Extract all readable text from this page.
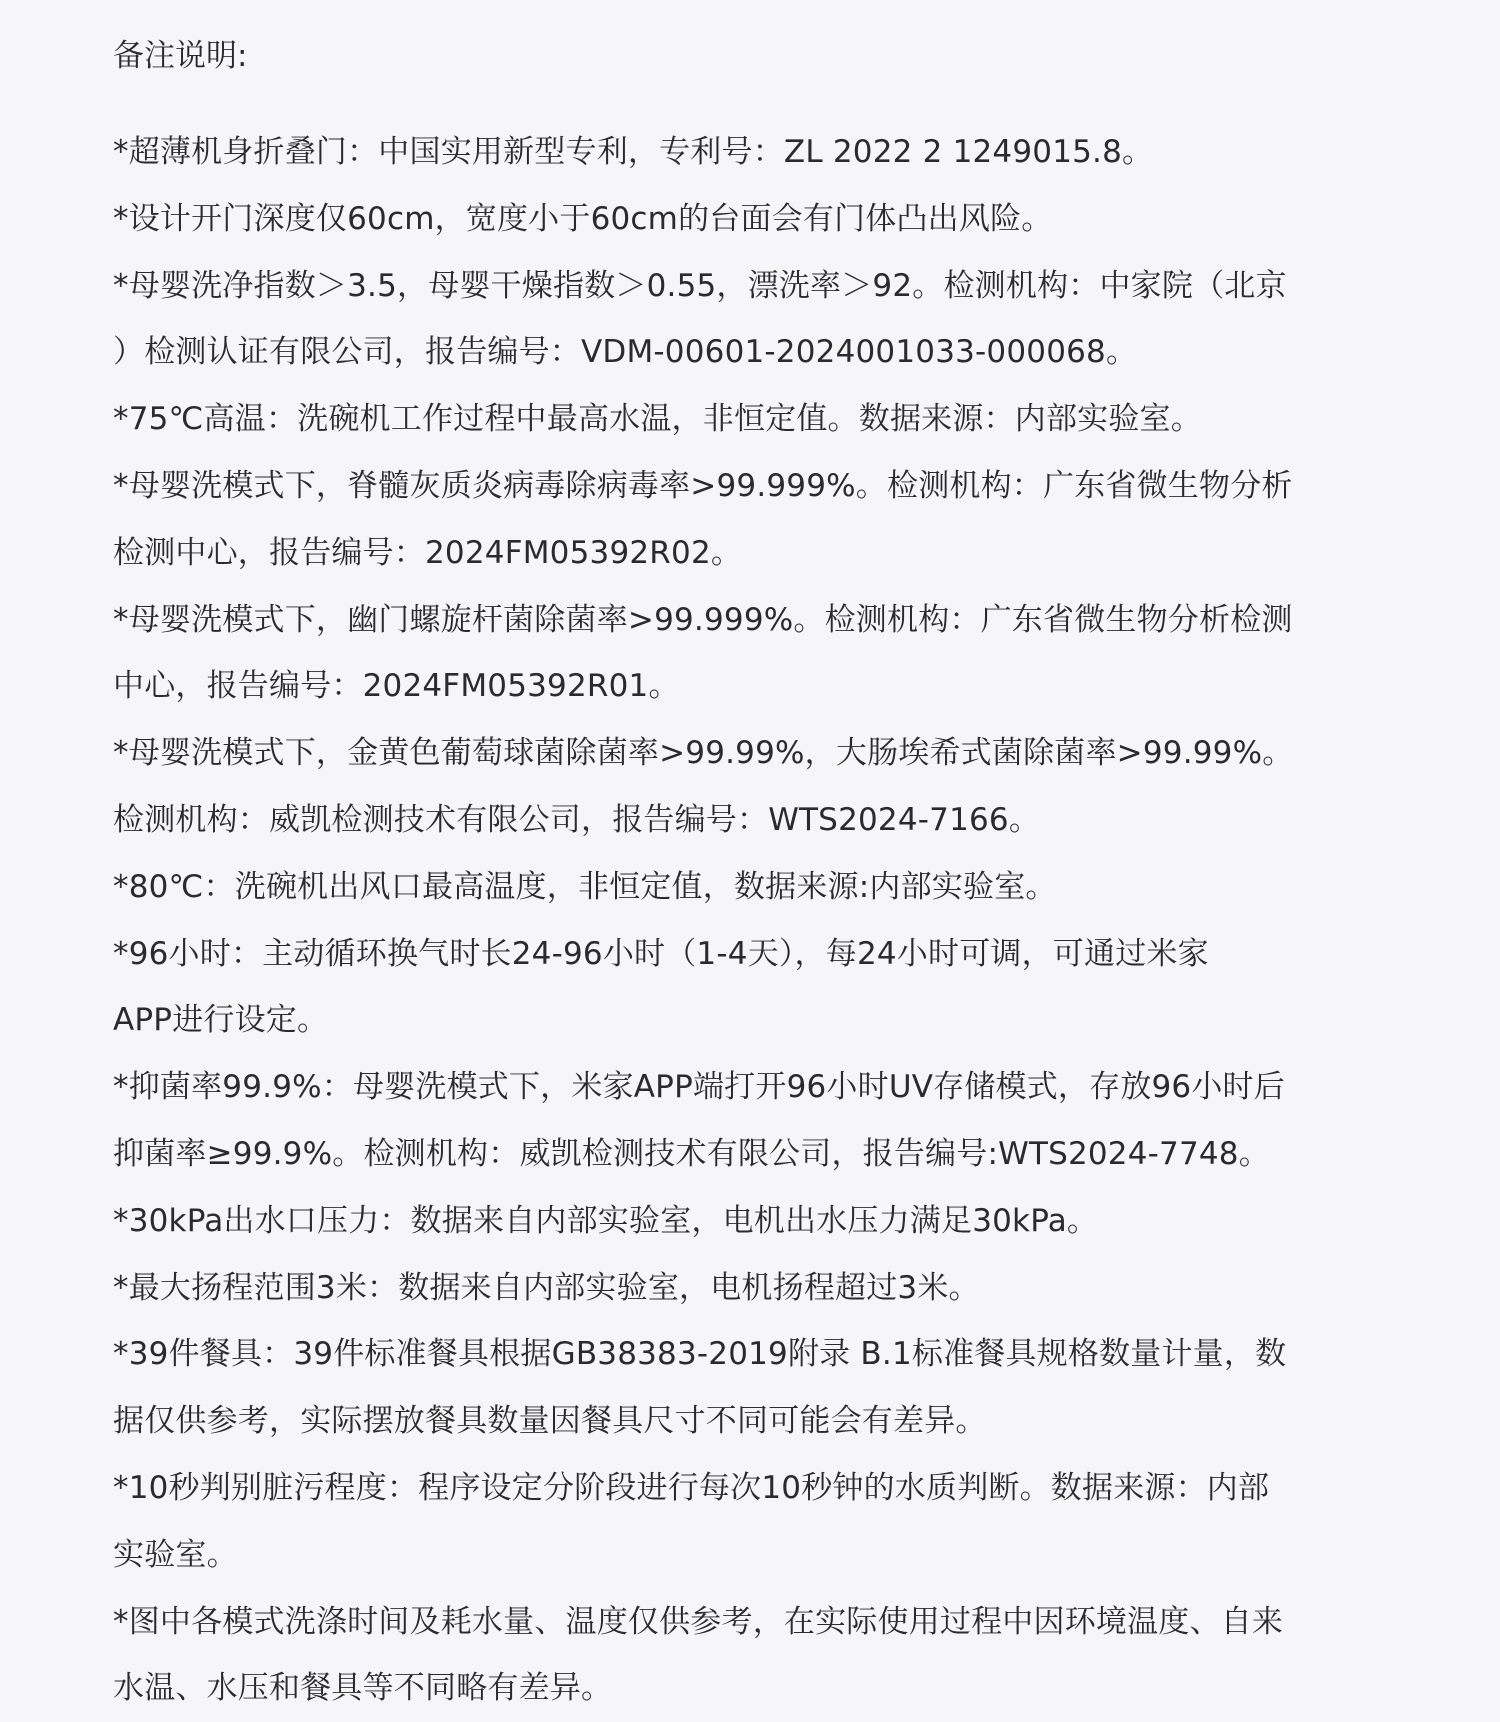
备注说明:
*超薄机身折叠门：中国实用新型专利，专利号：ZL 2022 2 1249015.8。
*设计开门深度仅60cm，宽度小于60cm的台面会有门体凸出风险。
*母婴洗净指数＞3.5，母婴干燥指数＞0.55，漂洗率＞92。检测机构：中家院（北京
）检测认证有限公司，报告编号：VDM-00601-2024001033-000068。
*75℃高温：洗碗机工作过程中最高水温，非恒定值。数据来源：内部实验室。
*母婴洗模式下，脊髓灰质炎病毒除病毒率>99.999%。检测机构：广东省微生物分析
检测中心，报告编号：2024FM05392R02。
*母婴洗模式下，幽门螺旋杆菌除菌率>99.999%。检测机构：广东省微生物分析检测
中心，报告编号：2024FM05392R01。
*母婴洗模式下，金黄色葡萄球菌除菌率>99.99%，大肠埃希式菌除菌率>99.99%。
检测机构：威凯检测技术有限公司，报告编号：WTS2024-7166。
*80℃：洗碗机出风口最高温度，非恒定值，数据来源:内部实验室。
*96小时：主动循环换气时长24-96小时（1-4天），每24小时可调，可通过米家
APP进行设定。
*抑菌率99.9%：母婴洗模式下，米家APP端打开96小时UV存储模式，存放96小时后
抑菌率≥99.9%。检测机构：威凯检测技术有限公司，报告编号:WTS2024-7748。
*30kPa出水口压力：数据来自内部实验室，电机出水压力满足30kPa。
*最大扬程范围3米：数据来自内部实验室，电机扬程超过3米。
*39件餐具：39件标准餐具根据GB38383-2019附录 B.1标准餐具规格数量计量，数
据仅供参考，实际摆放餐具数量因餐具尺寸不同可能会有差异。
*10秒判别脏污程度：程序设定分阶段进行每次10秒钟的水质判断。数据来源：内部
实验室。
*图中各模式洗涤时间及耗水量、温度仅供参考，在实际使用过程中因环境温度、自来
水温、水压和餐具等不同略有差异。
